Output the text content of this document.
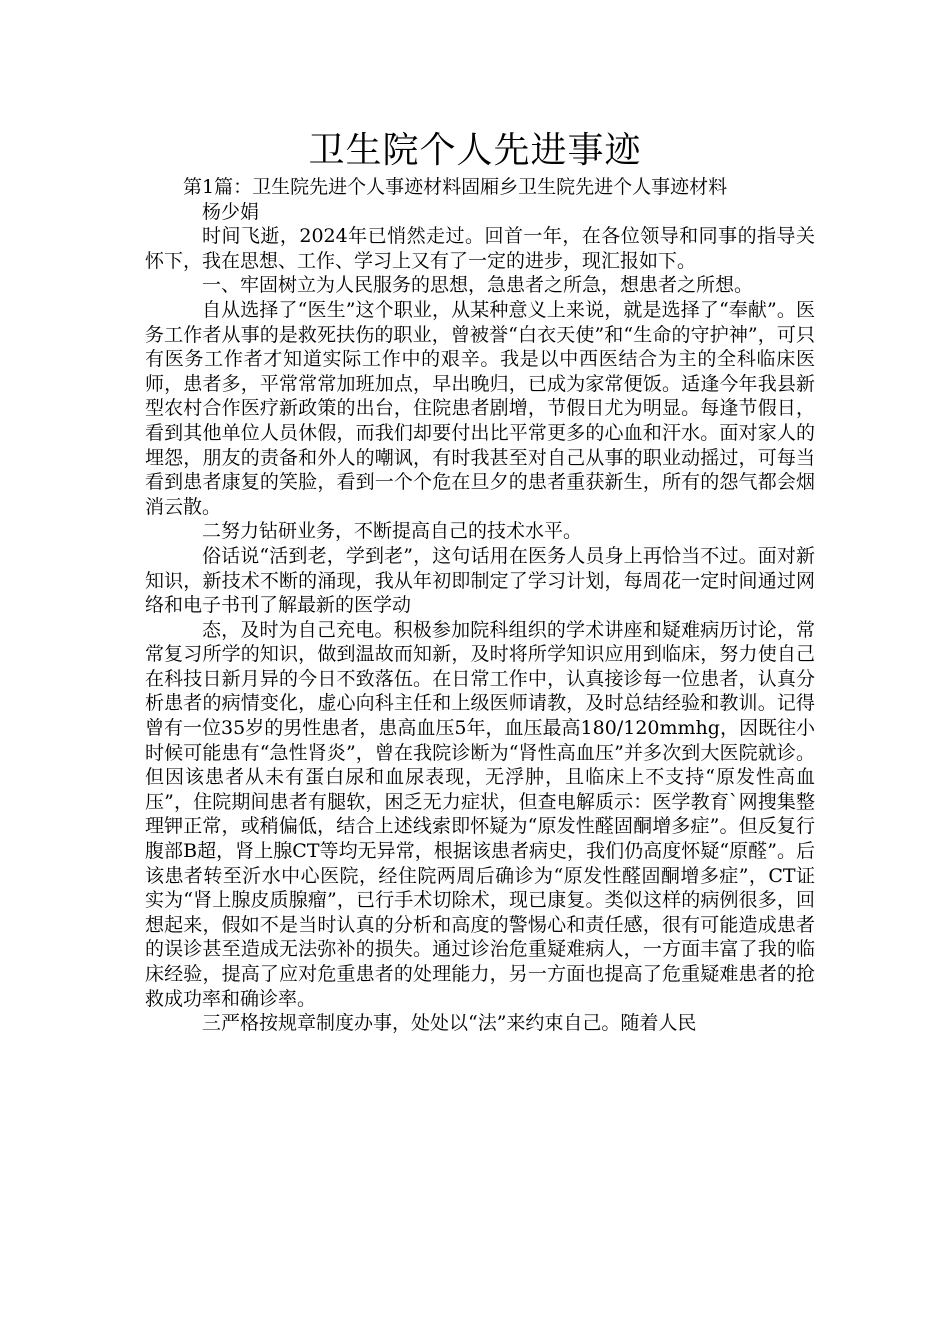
卫生院个人先进事迹

第1篇：卫生院先进个人事迹材料固厢乡卫生院先进个人事迹材料

杨少娟

时间飞逝，2024年已悄然走过。回首一年，在各位领导和同事的指导关怀下，我在思想、工作、学习上又有了一定的进步，现汇报如下。

一、牢固树立为人民服务的思想，急患者之所急，想患者之所想。

自从选择了“医生”这个职业，从某种意义上来说，就是选择了“奉献”。医务工作者从事的是救死扶伤的职业，曾被誉“白衣天使”和“生命的守护神”，可只有医务工作者才知道实际工作中的艰辛。我是以中西医结合为主的全科临床医师，患者多，平常常常加班加点，早出晚归，已成为家常便饭。适逢今年我县新型农村合作医疗新政策的出台，住院患者剧增，节假日尤为明显。每逢节假日，看到其他单位人员休假，而我们却要付出比平常更多的心血和汗水。面对家人的埋怨，朋友的责备和外人的嘲讽，有时我甚至对自己从事的职业动摇过，可每当看到患者康复的笑脸，看到一个个危在旦夕的患者重获新生，所有的怨气都会烟消云散。

二努力钻研业务，不断提高自己的技术水平。

俗话说“活到老，学到老”，这句话用在医务人员身上再恰当不过。面对新知识，新技术不断的涌现，我从年初即制定了学习计划，每周花一定时间通过网络和电子书刊了解最新的医学动

态，及时为自己充电。积极参加院科组织的学术讲座和疑难病历讨论，常常复习所学的知识，做到温故而知新，及时将所学知识应用到临床，努力使自己在科技日新月异的今日不致落伍。在日常工作中，认真接诊每一位患者，认真分析患者的病情变化，虚心向科主任和上级医师请教，及时总结经验和教训。记得曾有一位35岁的男性患者，患高血压5年，血压最高180/120mmhg，因既往小时候可能患有“急性肾炎”，曾在我院诊断为“肾性高血压”并多次到大医院就诊。但因该患者从未有蛋白尿和血尿表现，无浮肿，且临床上不支持“原发性高血压”，住院期间患者有腿软，困乏无力症状，但查电解质示：医学教育`网搜集整理钾正常，或稍偏低，结合上述线索即怀疑为“原发性醛固酮增多症”。但反复行腹部B超，肾上腺CT等均无异常，根据该患者病史，我们仍高度怀疑“原醛”。后该患者转至沂水中心医院，经住院两周后确诊为“原发性醛固酮增多症”，CT证实为“肾上腺皮质腺瘤”，已行手术切除术，现已康复。类似这样的病例很多，回想起来，假如不是当时认真的分析和高度的警惕心和责任感，很有可能造成患者的误诊甚至造成无法弥补的损失。通过诊治危重疑难病人，一方面丰富了我的临床经验，提高了应对危重患者的处理能力，另一方面也提高了危重疑难患者的抢救成功率和确诊率。

三严格按规章制度办事，处处以“法”来约束自己。随着人民
